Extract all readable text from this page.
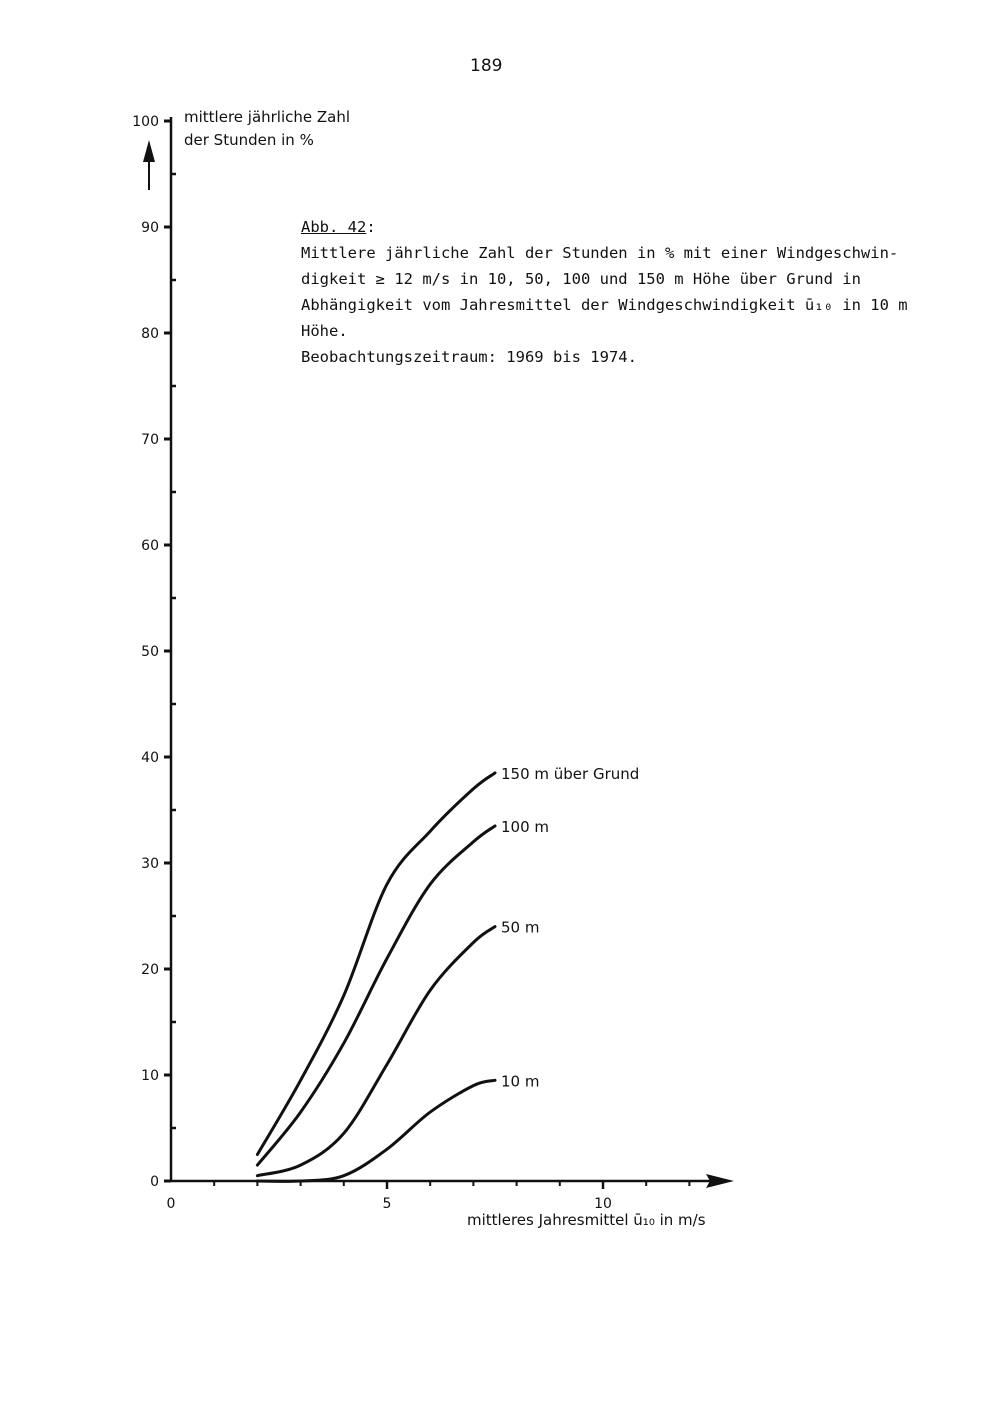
189
0
10
20
30
40
50
60
70
80
90
100
0	5	10
150 m über Grund
100 m
50 m
10 m
mittlere jährliche Zahl
der Stunden in %
mittleres Jahresmittel ū₁₀ in m/s
Abb. 42:
Mittlere jährliche Zahl der Stunden in % mit einer Windgeschwin-
digkeit ≥ 12 m/s in 10, 50, 100 und 150 m Höhe über Grund in
Abhängigkeit vom Jahresmittel der Windgeschwindigkeit ū₁₀ in 10 m
Höhe.
Beobachtungszeitraum: 1969 bis 1974.
